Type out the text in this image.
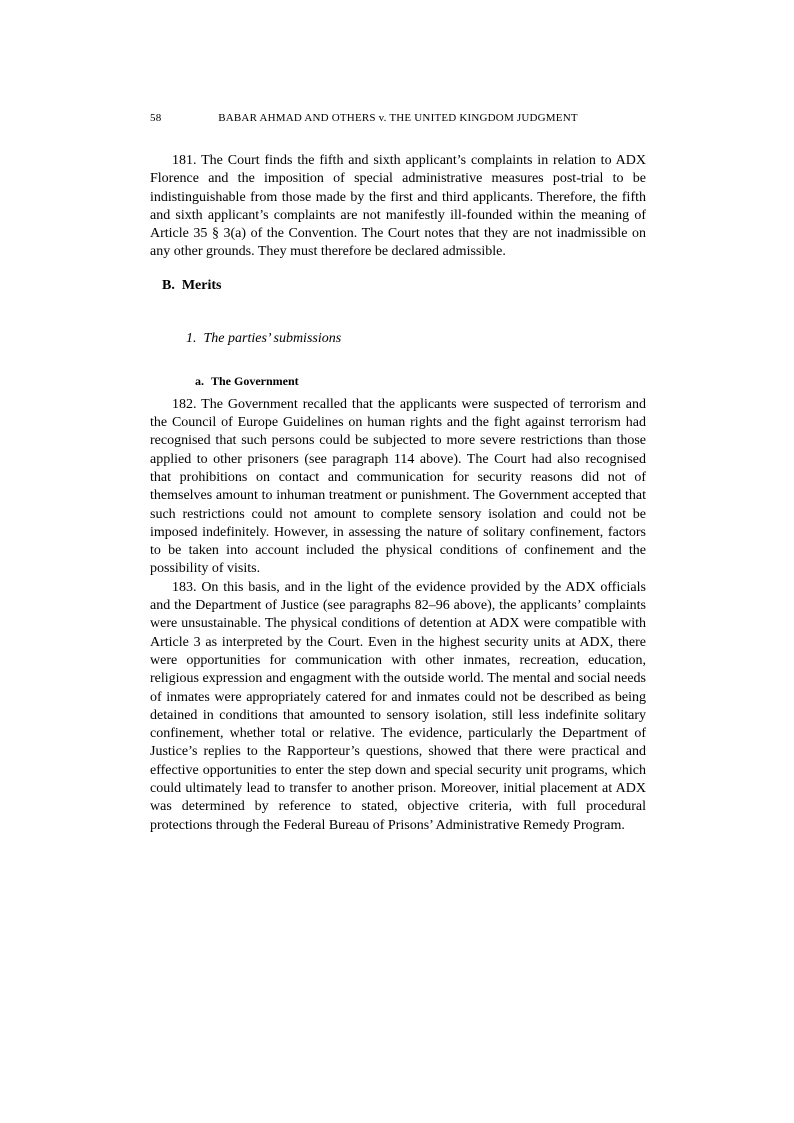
58	BABAR AHMAD AND OTHERS v. THE UNITED KINGDOM JUDGMENT

181. The Court finds the fifth and sixth applicant’s complaints in relation to ADX Florence and the imposition of special administrative measures post-trial to be indistinguishable from those made by the first and third applicants. Therefore, the fifth and sixth applicant’s complaints are not manifestly ill-founded within the meaning of Article 35 § 3(a) of the Convention. The Court notes that they are not inadmissible on any other grounds. They must therefore be declared admissible.

B. Merits
1. The parties’ submissions
a. The Government

182. The Government recalled that the applicants were suspected of terrorism and the Council of Europe Guidelines on human rights and the fight against terrorism had recognised that such persons could be subjected to more severe restrictions than those applied to other prisoners (see paragraph 114 above). The Court had also recognised that prohibitions on contact and communication for security reasons did not of themselves amount to inhuman treatment or punishment. The Government accepted that such restrictions could not amount to complete sensory isolation and could not be imposed indefinitely. However, in assessing the nature of solitary confinement, factors to be taken into account included the physical conditions of confinement and the possibility of visits.

183. On this basis, and in the light of the evidence provided by the ADX officials and the Department of Justice (see paragraphs 82–96 above), the applicants’ complaints were unsustainable. The physical conditions of detention at ADX were compatible with Article 3 as interpreted by the Court. Even in the highest security units at ADX, there were opportunities for communication with other inmates, recreation, education, religious expression and engagment with the outside world. The mental and social needs of inmates were appropriately catered for and inmates could not be described as being detained in conditions that amounted to sensory isolation, still less indefinite solitary confinement, whether total or relative. The evidence, particularly the Department of Justice’s replies to the Rapporteur’s questions, showed that there were practical and effective opportunities to enter the step down and special security unit programs, which could ultimately lead to transfer to another prison. Moreover, initial placement at ADX was determined by reference to stated, objective criteria, with full procedural protections through the Federal Bureau of Prisons’ Administrative Remedy Program.
